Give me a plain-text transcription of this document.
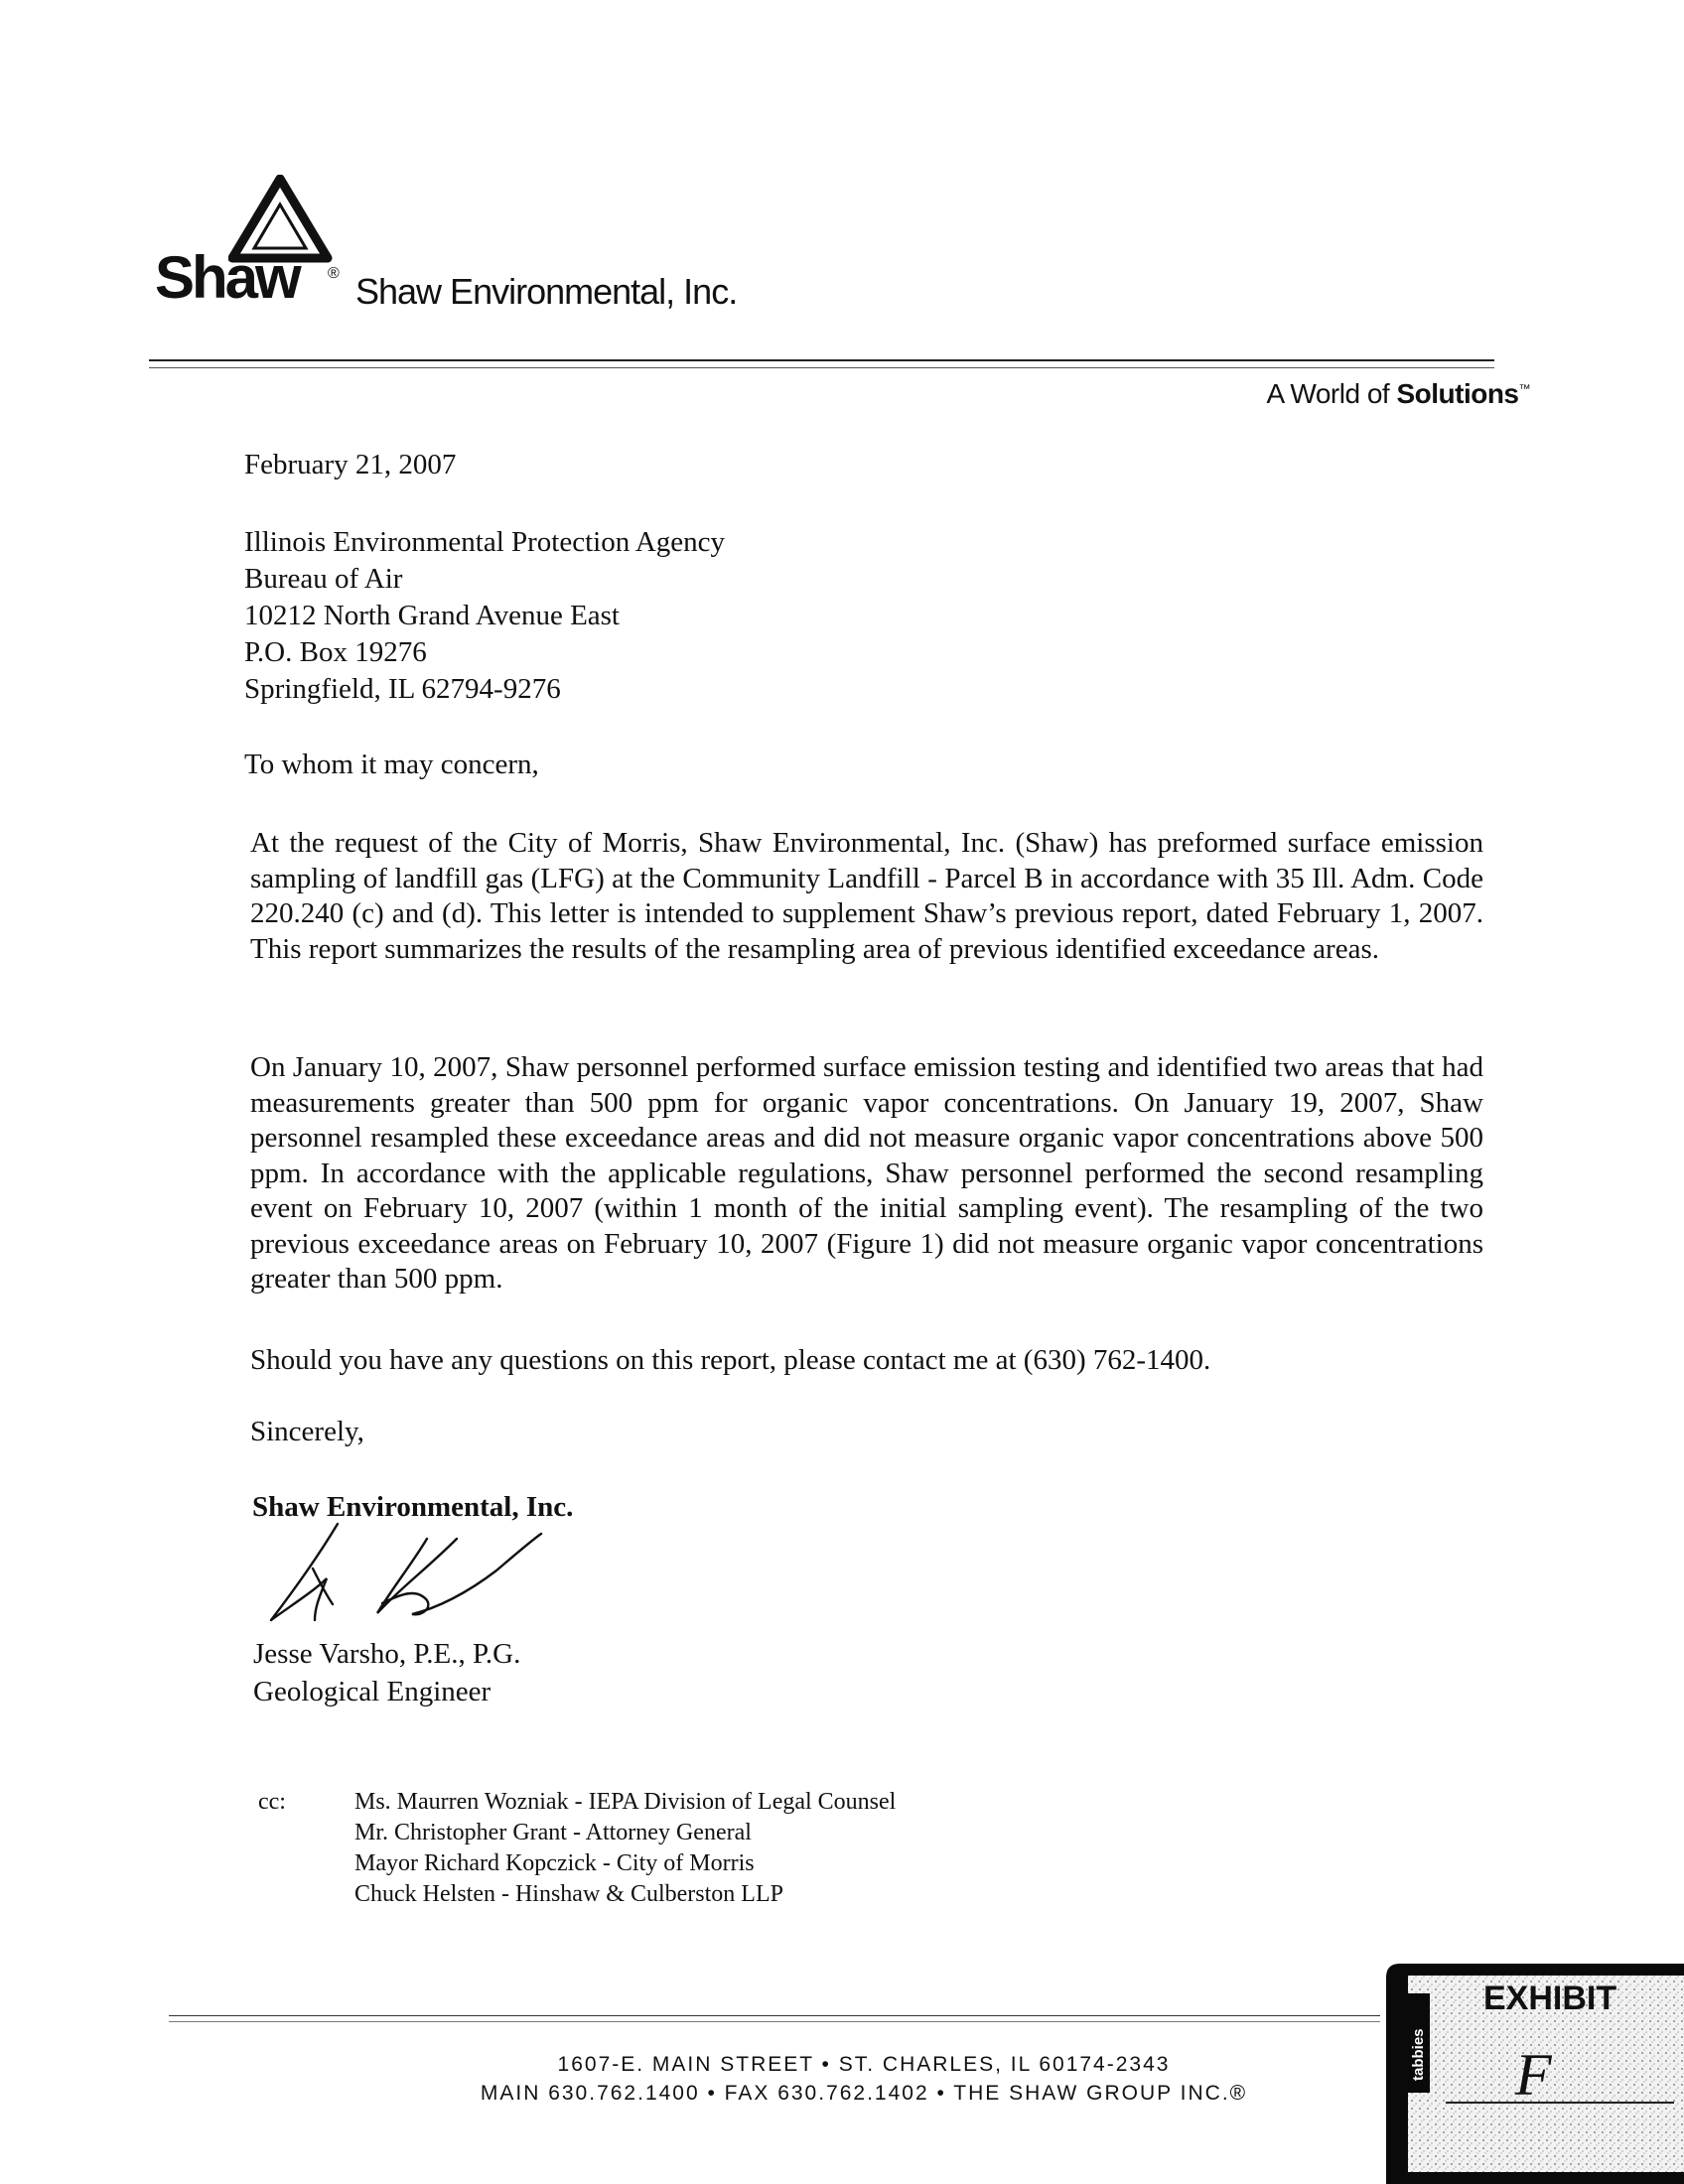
Shaw ® Shaw Environmental, Inc.
A World of Solutions™
February 21, 2007
Illinois Environmental Protection Agency
Bureau of Air
10212 North Grand Avenue East
P.O. Box 19276
Springfield, IL 62794-9276
To whom it may concern,
At the request of the City of Morris, Shaw Environmental, Inc. (Shaw) has preformed surface emission sampling of landfill gas (LFG) at the Community Landfill - Parcel B in accordance with 35 Ill. Adm. Code 220.240 (c) and (d). This letter is intended to supplement Shaw’s previous report, dated February 1, 2007. This report summarizes the results of the resampling area of previous identified exceedance areas.
On January 10, 2007, Shaw personnel performed surface emission testing and identified two areas that had measurements greater than 500 ppm for organic vapor concentrations. On January 19, 2007, Shaw personnel resampled these exceedance areas and did not measure organic vapor concentrations above 500 ppm. In accordance with the applicable regulations, Shaw personnel performed the second resampling event on February 10, 2007 (within 1 month of the initial sampling event). The resampling of the two previous exceedance areas on February 10, 2007 (Figure 1) did not measure organic vapor concentrations greater than 500 ppm.
Should you have any questions on this report, please contact me at (630) 762-1400.
Sincerely,
Shaw Environmental, Inc.
Jesse Varsho, P.E., P.G.
Geological Engineer
cc:	Ms. Maurren Wozniak - IEPA Division of Legal Counsel
Mr. Christopher Grant - Attorney General
Mayor Richard Kopczick - City of Morris
Chuck Helsten - Hinshaw & Culberston LLP
1607-E. MAIN STREET • ST. CHARLES, IL 60174-2343
MAIN 630.762.1400 • FAX 630.762.1402 • THE SHAW GROUP INC.®
tabbies
EXHIBIT
F
